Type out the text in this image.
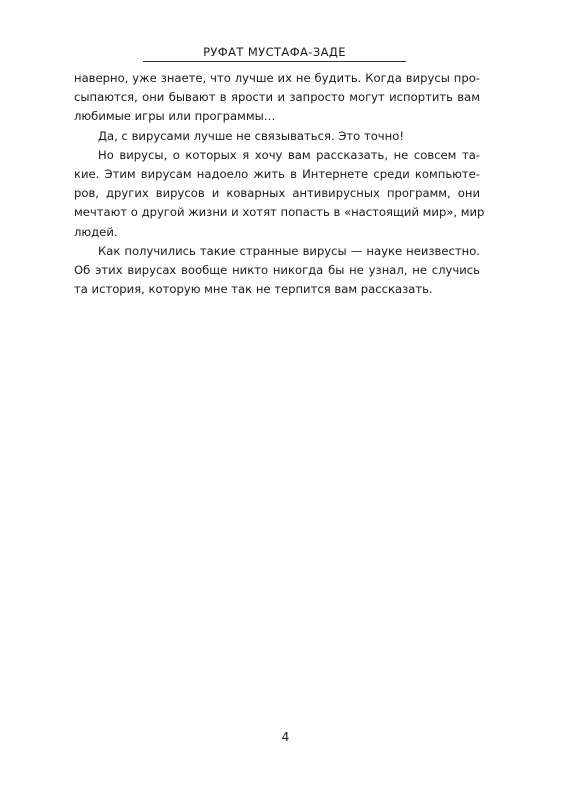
РУФАТ МУСТАФА-ЗАДЕ
наверно, уже знаете, что лучше их не будить. Когда вирусы про-
сыпаются, они бывают в ярости и запросто могут испортить вам
любимые игры или программы…
Да, с вирусами лучше не связываться. Это точно!
Но вирусы, о которых я хочу вам рассказать, не совсем та-
кие. Этим вирусам надоело жить в Интернете среди компьюте-
ров, других вирусов и коварных антивирусных программ, они
мечтают о другой жизни и хотят попасть в «настоящий мир», мир
людей.
Как получились такие странные вирусы — науке неизвестно.
Об этих вирусах вообще никто никогда бы не узнал, не случись
та история, которую мне так не терпится вам рассказать.
4
